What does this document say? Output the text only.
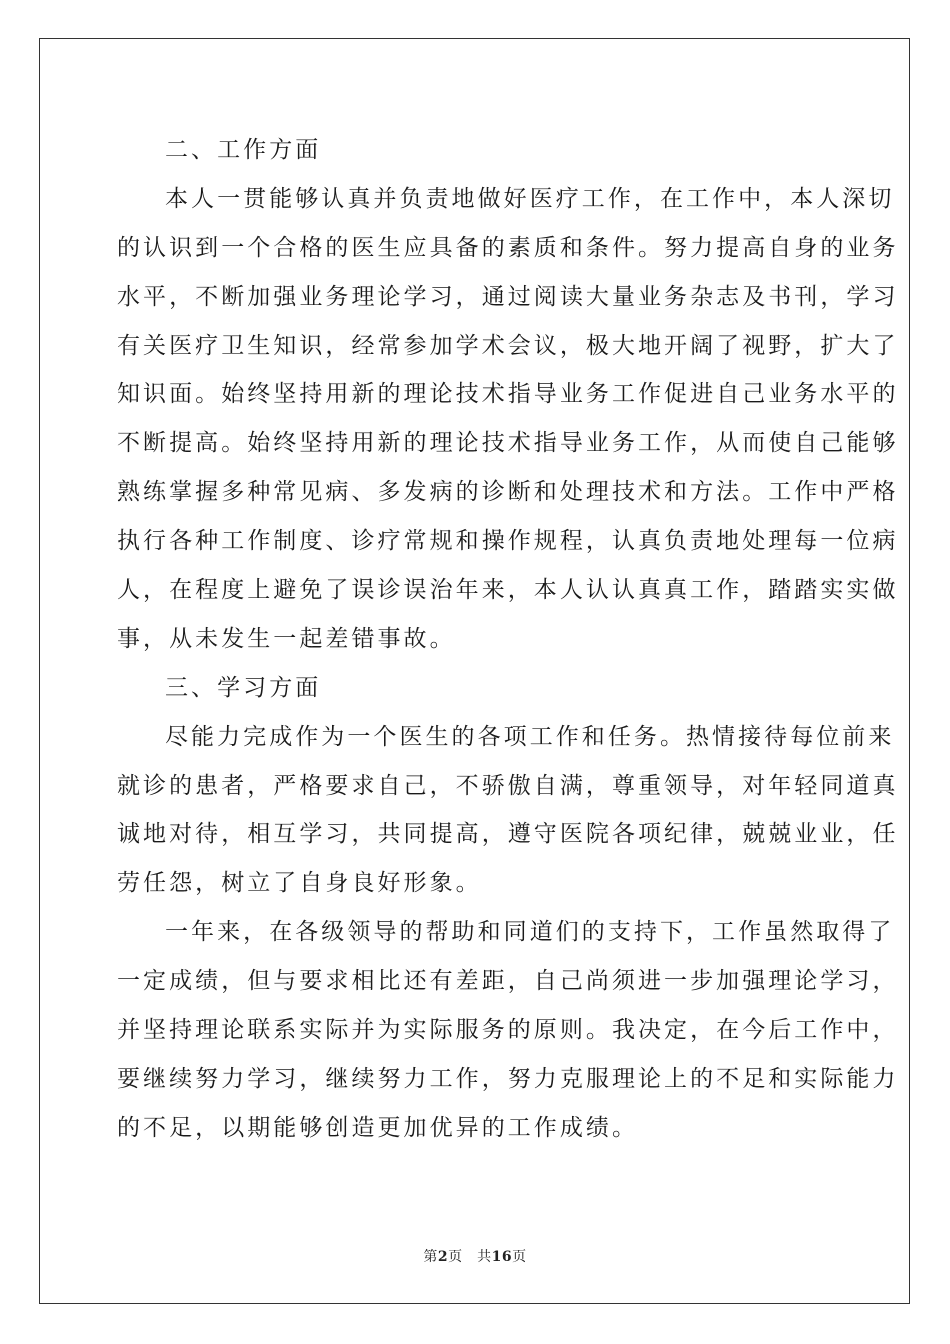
二、工作方面
本人一贯能够认真并负责地做好医疗工作，在工作中，本人深切
的认识到一个合格的医生应具备的素质和条件。努力提高自身的业务
水平，不断加强业务理论学习，通过阅读大量业务杂志及书刊，学习
有关医疗卫生知识，经常参加学术会议，极大地开阔了视野，扩大了
知识面。始终坚持用新的理论技术指导业务工作促进自己业务水平的
不断提高。始终坚持用新的理论技术指导业务工作，从而使自己能够
熟练掌握多种常见病、多发病的诊断和处理技术和方法。工作中严格
执行各种工作制度、诊疗常规和操作规程，认真负责地处理每一位病
人，在程度上避免了误诊误治年来，本人认认真真工作，踏踏实实做
事，从未发生一起差错事故。
三、学习方面
尽能力完成作为一个医生的各项工作和任务。热情接待每位前来
就诊的患者，严格要求自己，不骄傲自满，尊重领导，对年轻同道真
诚地对待，相互学习，共同提高，遵守医院各项纪律，兢兢业业，任
劳任怨，树立了自身良好形象。
一年来，在各级领导的帮助和同道们的支持下，工作虽然取得了
一定成绩，但与要求相比还有差距，自己尚须进一步加强理论学习，
并坚持理论联系实际并为实际服务的原则。我决定，在今后工作中，
要继续努力学习，继续努力工作，努力克服理论上的不足和实际能力
的不足，以期能够创造更加优异的工作成绩。
第2页　共16页
